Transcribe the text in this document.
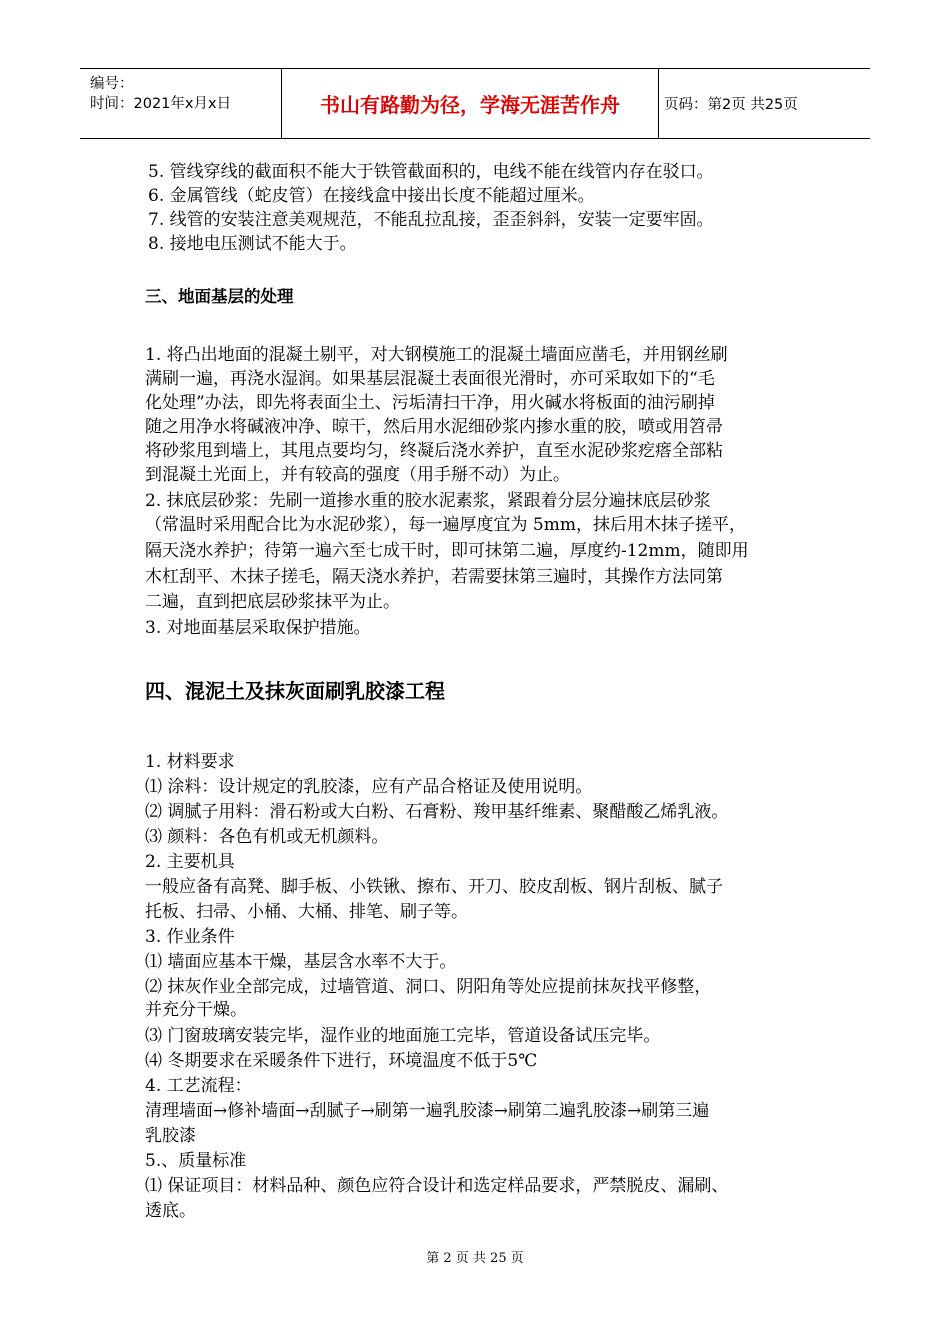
编号：
时间：2021年x月x日	书山有路勤为径，学海无涯苦作舟	页码：第2页 共25页
5. 管线穿线的截面积不能大于铁管截面积的，电线不能在线管内存在驳口。
6. 金属管线（蛇皮管）在接线盒中接出长度不能超过厘米。
7. 线管的安装注意美观规范，不能乱拉乱接，歪歪斜斜，安装一定要牢固。
8. 接地电压测试不能大于。
三、地面基层的处理
1. 将凸出地面的混凝土剔平，对大钢模施工的混凝土墙面应凿毛，并用钢丝刷
满刷一遍，再浇水湿润。如果基层混凝土表面很光滑时，亦可采取如下的“毛
化处理”办法，即先将表面尘土、污垢清扫干净，用火碱水将板面的油污刷掉
随之用净水将碱液冲净、晾干，然后用水泥细砂浆内掺水重的胶，喷或用笤帚
将砂浆甩到墙上，其甩点要均匀，终凝后浇水养护，直至水泥砂浆疙瘩全部粘
到混凝土光面上，并有较高的强度（用手掰不动）为止。
2. 抹底层砂浆：先刷一道掺水重的胶水泥素浆，紧跟着分层分遍抹底层砂浆
（常温时采用配合比为水泥砂浆），每一遍厚度宜为 5mm，抹后用木抹子搓平，
隔天浇水养护；待第一遍六至七成干时，即可抹第二遍，厚度约-12mm，随即用
木杠刮平、木抹子搓毛，隔天浇水养护，若需要抹第三遍时，其操作方法同第
二遍，直到把底层砂浆抹平为止。
3. 对地面基层采取保护措施。
四、混泥土及抹灰面刷乳胶漆工程
1. 材料要求
⑴ 涂料：设计规定的乳胶漆，应有产品合格证及使用说明。
⑵ 调腻子用料：滑石粉或大白粉、石膏粉、羧甲基纤维素、聚醋酸乙烯乳液。
⑶ 颜料：各色有机或无机颜料。
2. 主要机具
一般应备有高凳、脚手板、小铁锹、擦布、开刀、胶皮刮板、钢片刮板、腻子
托板、扫帚、小桶、大桶、排笔、刷子等。
3. 作业条件
⑴ 墙面应基本干燥，基层含水率不大于。
⑵ 抹灰作业全部完成，过墙管道、洞口、阴阳角等处应提前抹灰找平修整，
并充分干燥。
⑶ 门窗玻璃安装完毕，湿作业的地面施工完毕，管道设备试压完毕。
⑷ 冬期要求在采暖条件下进行，环境温度不低于5℃
4. 工艺流程：
清理墙面→修补墙面→刮腻子→刷第一遍乳胶漆→刷第二遍乳胶漆→刷第三遍
乳胶漆
5.、质量标准
⑴ 保证项目：材料品种、颜色应符合设计和选定样品要求，严禁脱皮、漏刷、
透底。
第 2 页 共 25 页
